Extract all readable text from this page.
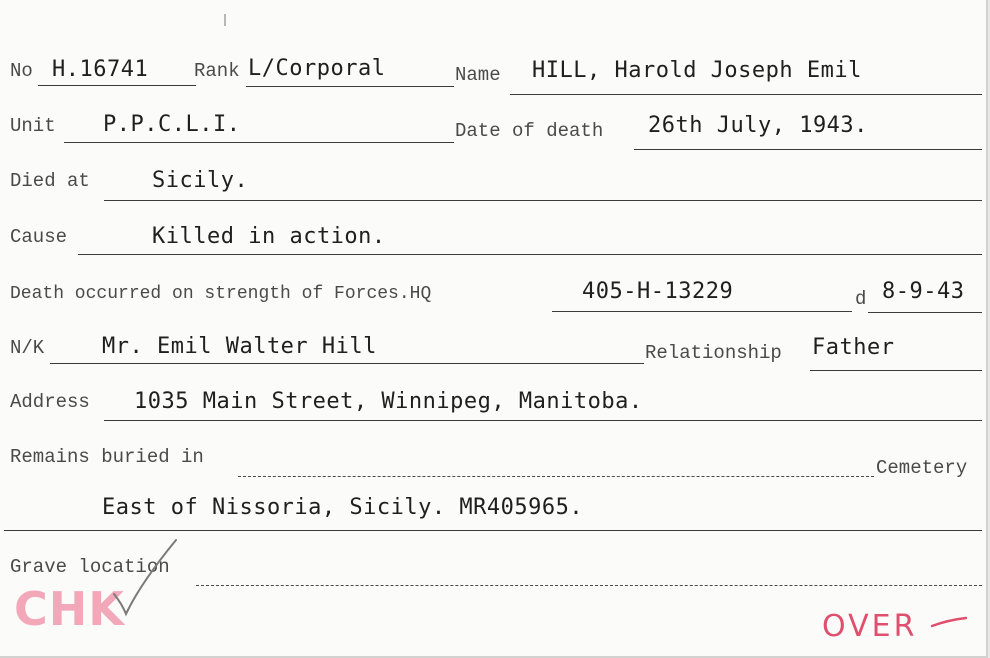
No H.16741 Rank L/Corporal	Name HILL, Harold Joseph Emil
Unit P.P.C.L.I.	Date of death 26th July, 1943.
Died at	Sicily.
Cause	Killed in action.
Death occurred on strength of Forces.HQ	405-H-13229	d 8-9-43
N/K	Mr. Emil Walter Hill	Relationship Father
Address 1035 Main Street, Winnipeg, Manitoba.
Remains buried in	Cemetery
East of Nissoria, Sicily. MR405965.
Grave location
CHK	OVER
